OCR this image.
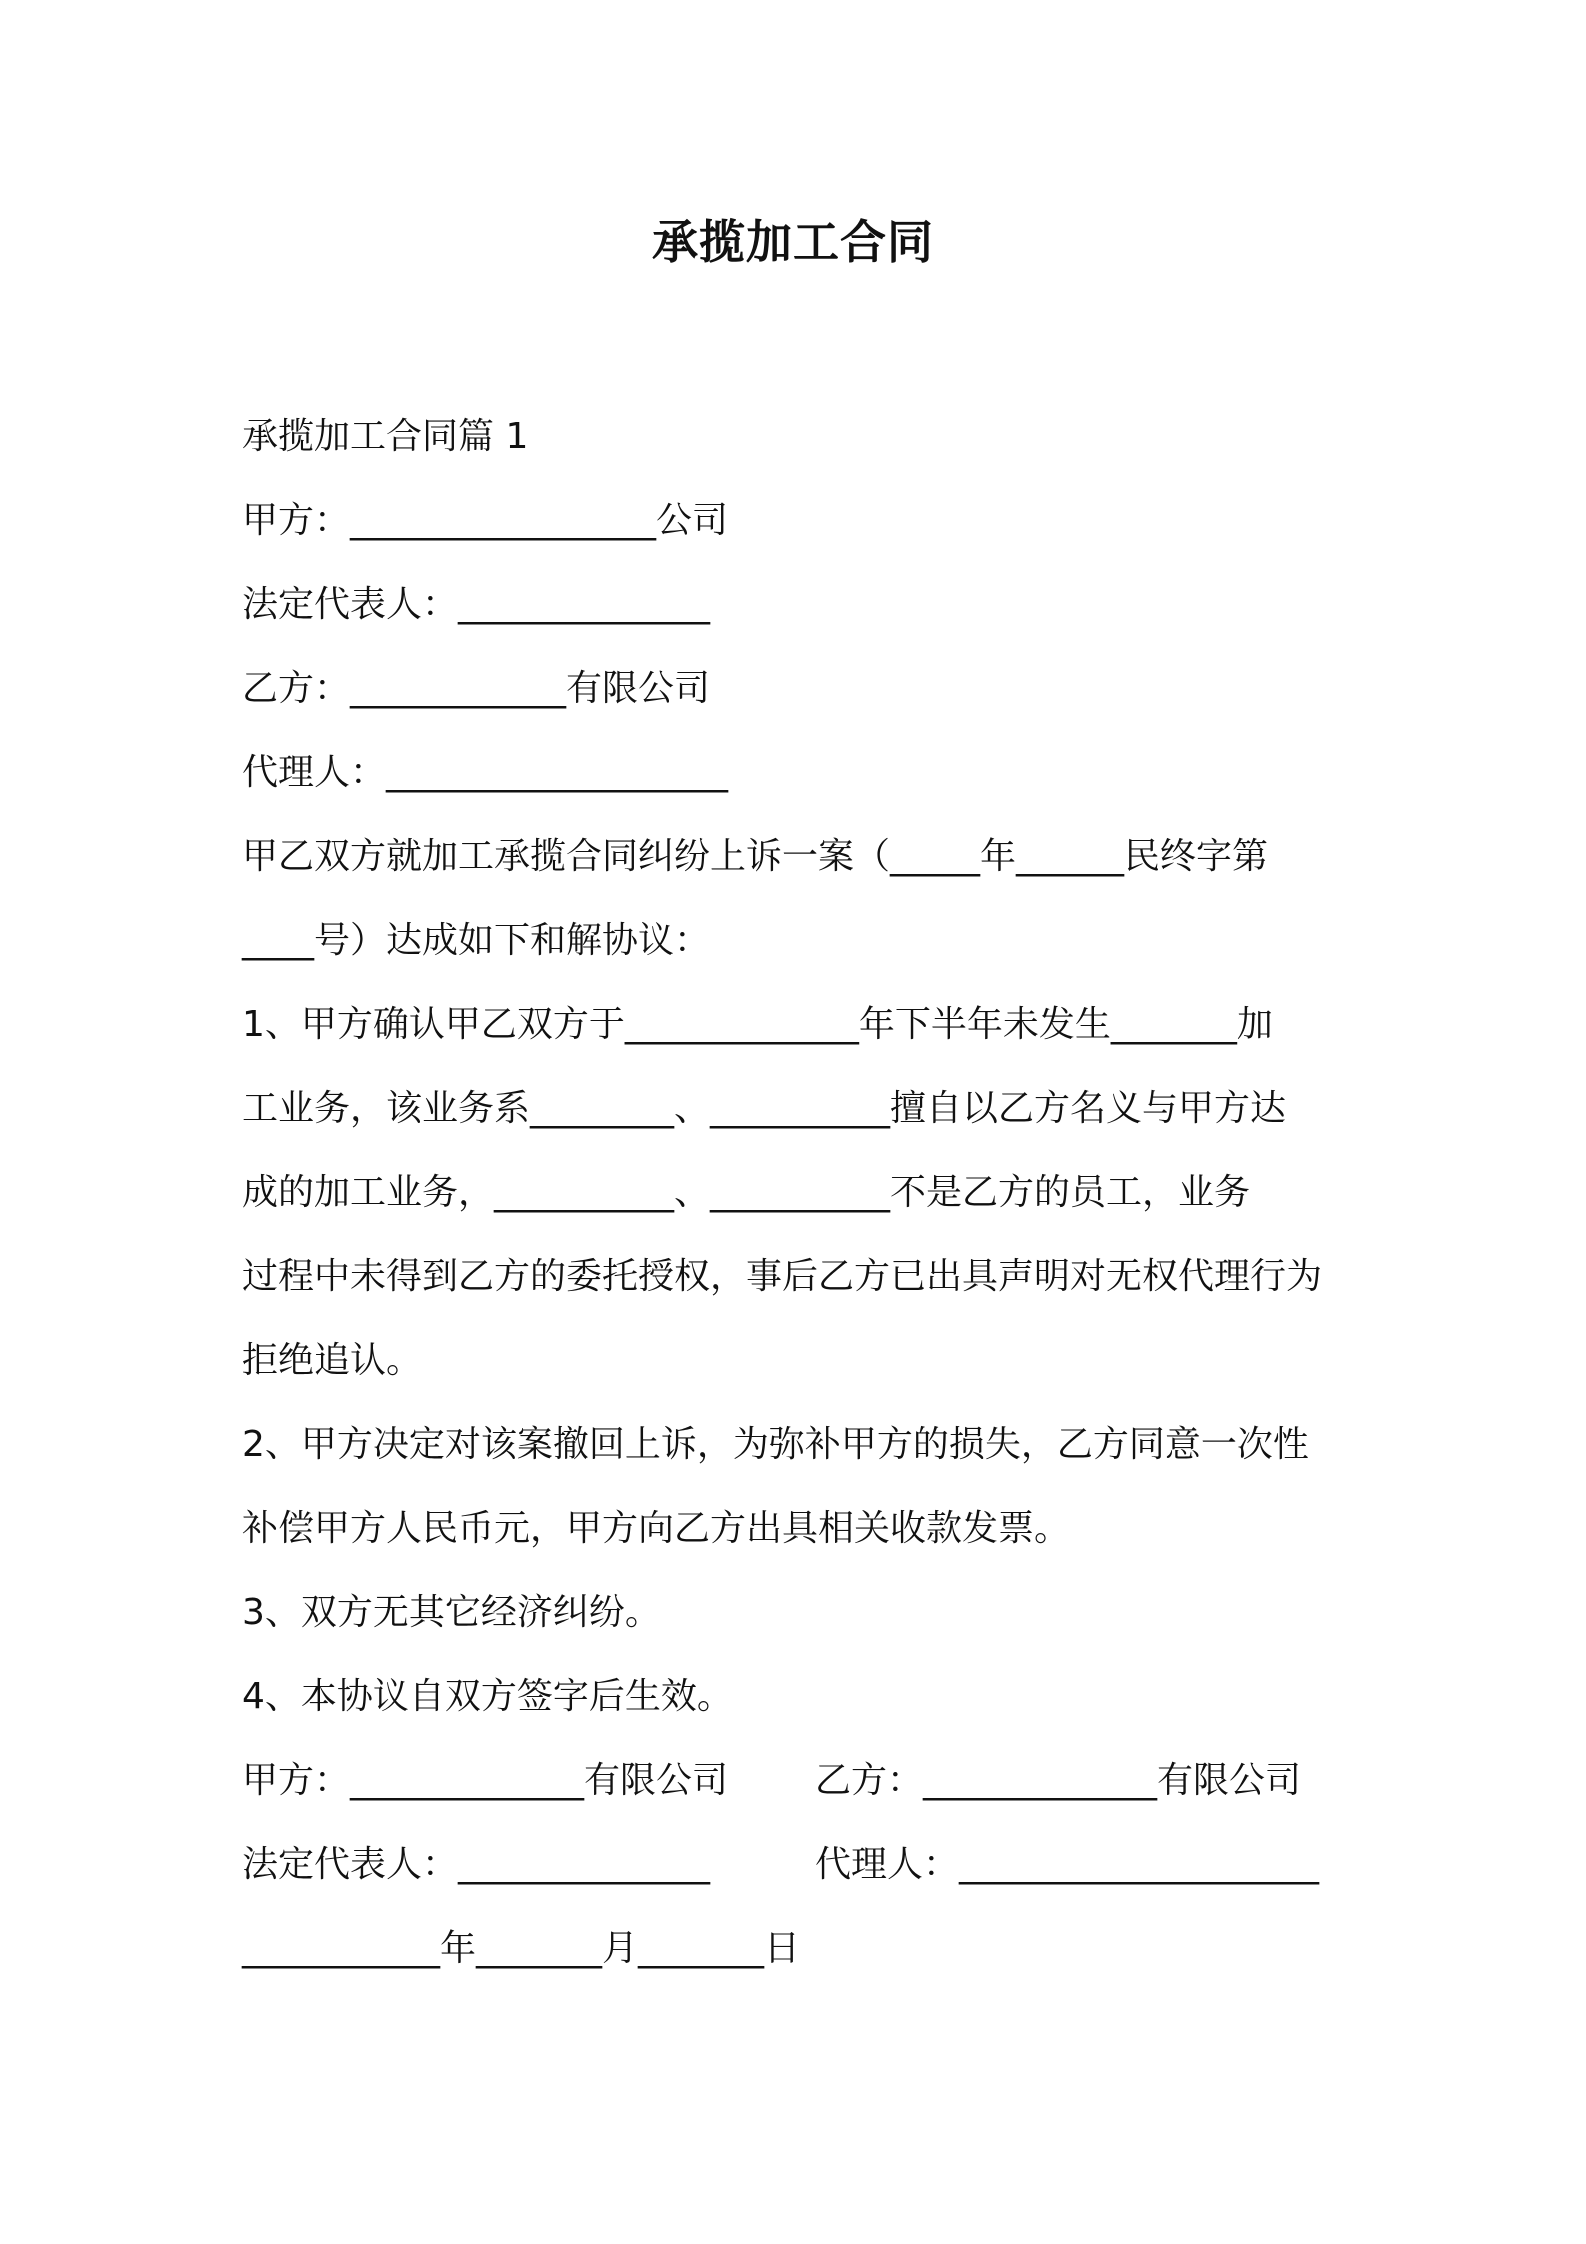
承揽加工合同
承揽加工合同篇 1
甲方：_________________公司
法定代表人：______________
乙方：____________有限公司
代理人：___________________
甲乙双方就加工承揽合同纠纷上诉一案（_____年______民终字第
____号）达成如下和解协议：
1、甲方确认甲乙双方于_____________年下半年未发生_______加
工业务，该业务系________、__________擅自以乙方名义与甲方达
成的加工业务，__________、__________不是乙方的员工，业务
过程中未得到乙方的委托授权，事后乙方已出具声明对无权代理行为
拒绝追认。
2、甲方决定对该案撤回上诉，为弥补甲方的损失，乙方同意一次性
补偿甲方人民币元，甲方向乙方出具相关收款发票。
3、双方无其它经济纠纷。
4、本协议自双方签字后生效。
甲方：_____________有限公司 乙方：_____________有限公司
法定代表人：______________	代理人：____________________
___________年_______月_______日
